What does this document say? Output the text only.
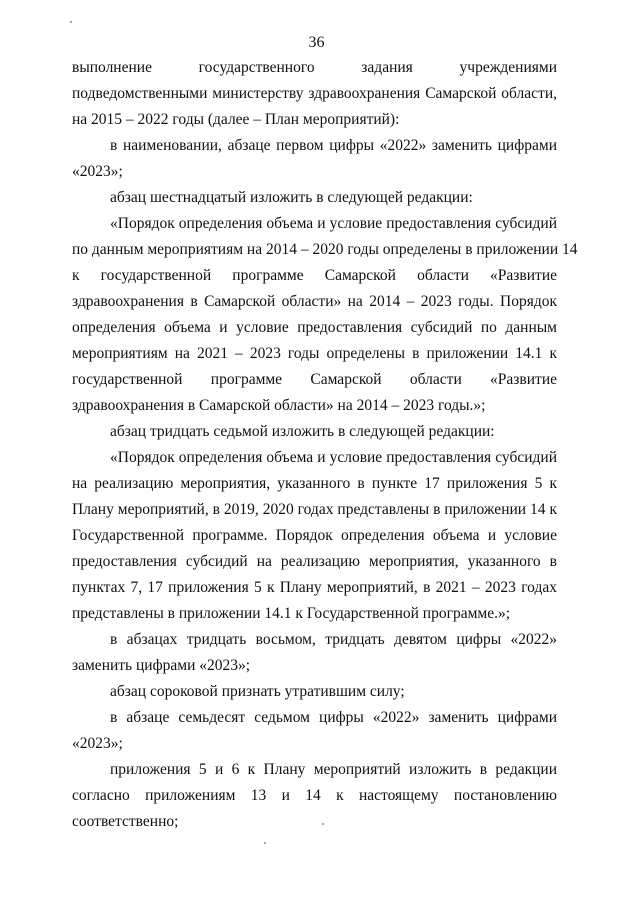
36

выполнение государственного задания учреждениями
подведомственными министерству здравоохранения Самарской области,
на 2015 – 2022 годы (далее – План мероприятий):

в наименовании, абзаце первом цифры «2022» заменить цифрами
«2023»;

абзац шестнадцатый изложить в следующей редакции:

«Порядок определения объема и условие предоставления субсидий
по данным мероприятиям на 2014 – 2020 годы определены в приложении 14
к государственной программе Самарской области «Развитие
здравоохранения в Самарской области» на 2014 – 2023 годы. Порядок
определения объема и условие предоставления субсидий по данным
мероприятиям на 2021 – 2023 годы определены в приложении 14.1 к
государственной программе Самарской области «Развитие
здравоохранения в Самарской области» на 2014 – 2023 годы.»;

абзац тридцать седьмой изложить в следующей редакции:

«Порядок определения объема и условие предоставления субсидий
на реализацию мероприятия, указанного в пункте 17 приложения 5 к
Плану мероприятий, в 2019, 2020 годах представлены в приложении 14 к
Государственной программе. Порядок определения объема и условие
предоставления субсидий на реализацию мероприятия, указанного в
пунктах 7, 17 приложения 5 к Плану мероприятий, в 2021 – 2023 годах
представлены в приложении 14.1 к Государственной программе.»;

в абзацах тридцать восьмом, тридцать девятом цифры «2022»
заменить цифрами «2023»;

абзац сороковой признать утратившим силу;

в абзаце семьдесят седьмом цифры «2022» заменить цифрами
«2023»;

приложения 5 и 6 к Плану мероприятий изложить в редакции
согласно приложениям 13 и 14 к настоящему постановлению
соответственно;
